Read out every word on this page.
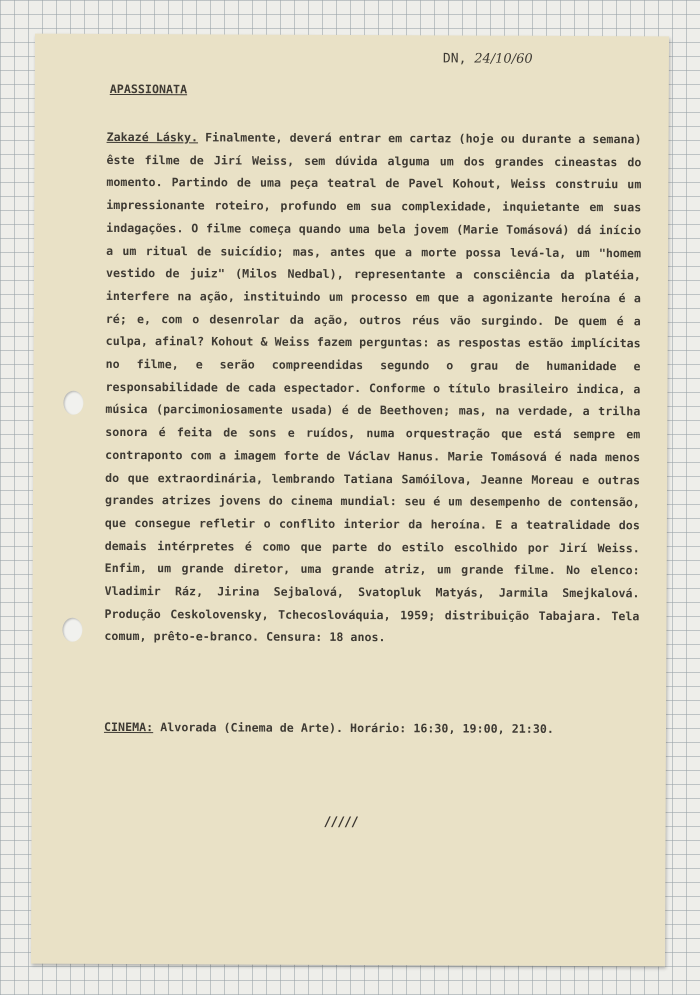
DN, 24/10/60
APASSIONATA
Zakazé Lásky. Finalmente, deverá entrar em cartaz (hoje ou durante a semana) êste filme de Jirí Weiss, sem dúvida alguma um dos grandes cineastas do momento. Partindo de uma peça teatral de Pavel Kohout, Weiss construiu um impressionante roteiro, profundo em sua complexidade, inquietante em suas indagações. O filme começa quando uma bela jovem (Marie Tomásová) dá início a um ritual de suicídio; mas, antes que a morte possa levá-la, um "homem vestido de juiz" (Milos Nedbal), representante a consciência da platéia, interfere na ação, instituindo um processo em que a agonizante heroína é a ré; e, com o desenrolar da ação, outros réus vão surgindo. De quem é a culpa, afinal? Kohout & Weiss fazem perguntas: as respostas estão implícitas no filme, e serão compreendidas segundo o grau de humanidade e responsabilidade de cada espectador. Conforme o título brasileiro indica, a música (parcimoniosamente usada) é de Beethoven; mas, na verdade, a trilha sonora é feita de sons e ruídos, numa orquestração que está sempre em contraponto com a imagem forte de Václav Hanus. Marie Tomásová é nada menos do que extraordinária, lembrando Tatiana Samóilova, Jeanne Moreau e outras grandes atrizes jovens do cinema mundial: seu é um desempenho de contensão, que consegue refletir o conflito interior da heroína. E a teatralidade dos demais intérpretes é como que parte do estilo escolhido por Jirí Weiss. Enfim, um grande diretor, uma grande atriz, um grande filme. No elenco: Vladimir Ráz, Jirina Sejbalová, Svatopluk Matyás, Jarmila Smejkalová. Produção Ceskolovensky, Tchecoslováquia, 1959; distribuição Tabajara. Tela comum, prêto-e-branco. Censura: 18 anos.
CINEMA: Alvorada (Cinema de Arte). Horário: 16:30, 19:00, 21:30.
/////
